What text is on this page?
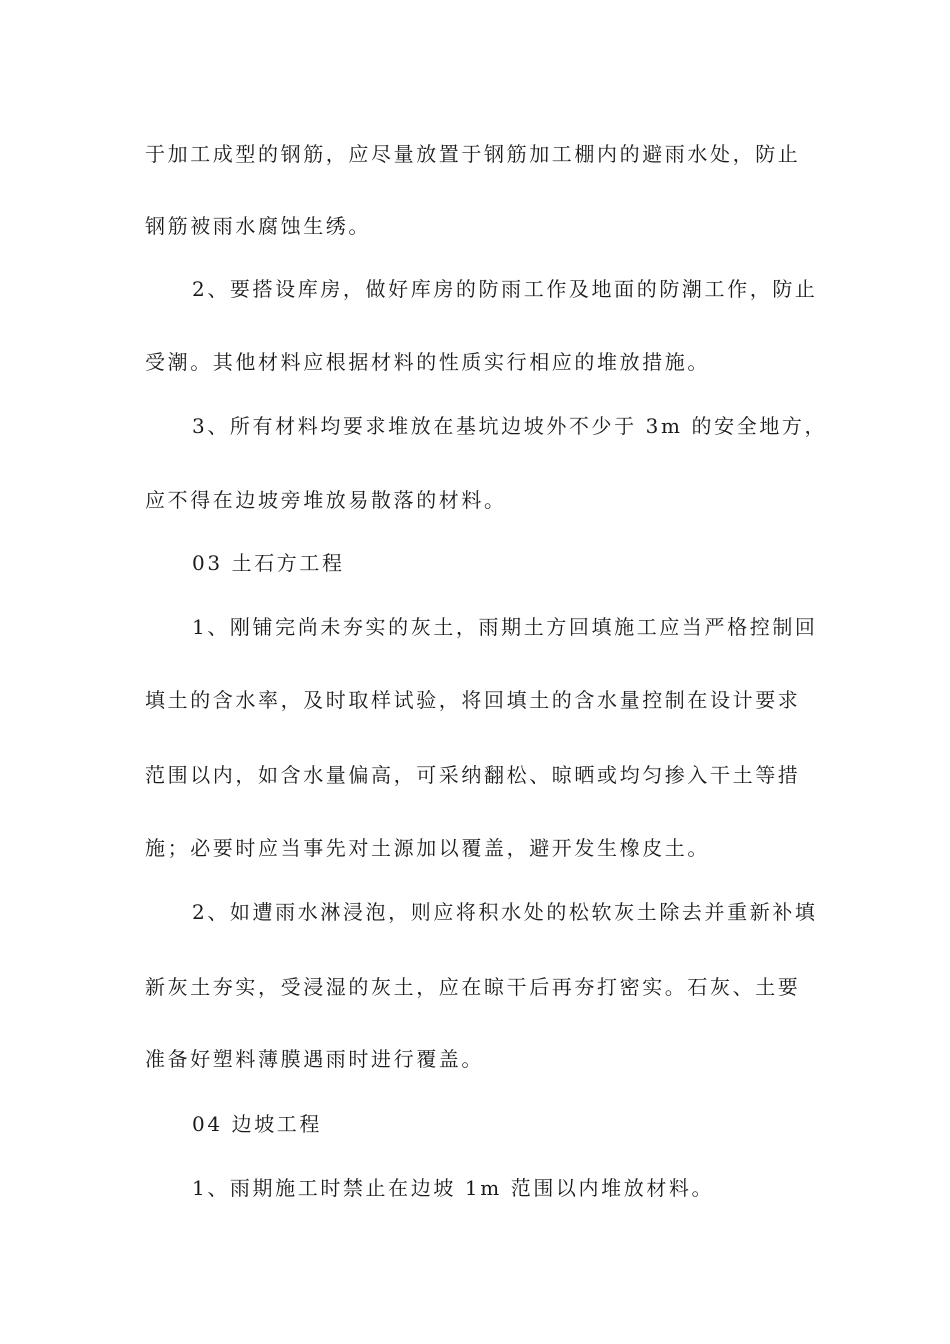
于加工成型的钢筋，应尽量放置于钢筋加工棚内的避雨水处，防止
钢筋被雨水腐蚀生绣。
2、要搭设库房，做好库房的防雨工作及地面的防潮工作，防止
受潮。其他材料应根据材料的性质实行相应的堆放措施。
3、所有材料均要求堆放在基坑边坡外不少于 3m 的安全地方，
应不得在边坡旁堆放易散落的材料。
03 土石方工程
1、刚铺完尚未夯实的灰土，雨期土方回填施工应当严格控制回
填土的含水率，及时取样试验，将回填土的含水量控制在设计要求
范围以内，如含水量偏高，可采纳翻松、晾晒或均匀掺入干土等措
施；必要时应当事先对土源加以覆盖，避开发生橡皮土。
2、如遭雨水淋浸泡，则应将积水处的松软灰土除去并重新补填
新灰土夯实，受浸湿的灰土，应在晾干后再夯打密实。石灰、土要
准备好塑料薄膜遇雨时进行覆盖。
04 边坡工程
1、雨期施工时禁止在边坡 1m 范围以内堆放材料。
